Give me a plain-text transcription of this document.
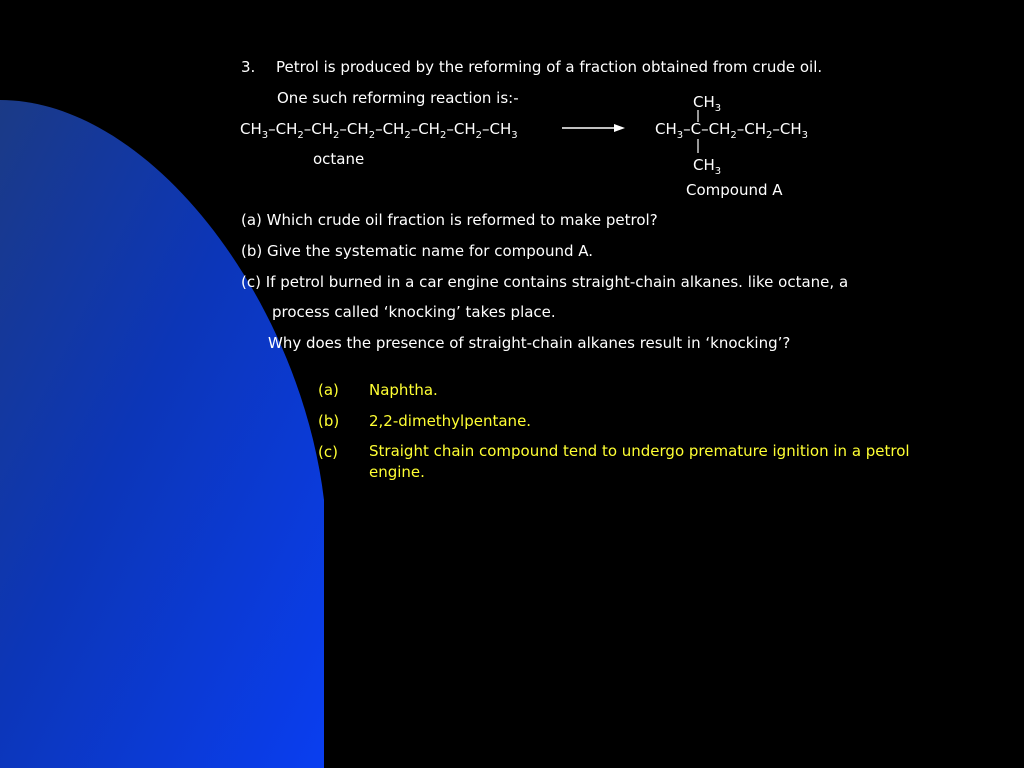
3. Petrol is produced by the reforming of a fraction obtained from crude oil.
One such reforming reaction is:-
$CH_3-CH_2-CH_2-CH_2-CH_2-CH_2-CH_2-CH_3$
octane
$CH_3$
$CH_3-C-CH_2-CH_2-CH_3$
$CH_3$
Compound A
(a) Which crude oil fraction is reformed to make petrol?
(b) Give the systematic name for compound A.
(c) If petrol burned in a car engine contains straight-chain alkanes. like octane, a
process called ‘knocking’ takes place.
Why does the presence of straight-chain alkanes result in ‘knocking’?
(a) Naphtha.
(b) 2,2-dimethylpentane.
(c) Straight chain compound tend to undergo premature ignition in a petrol engine.
